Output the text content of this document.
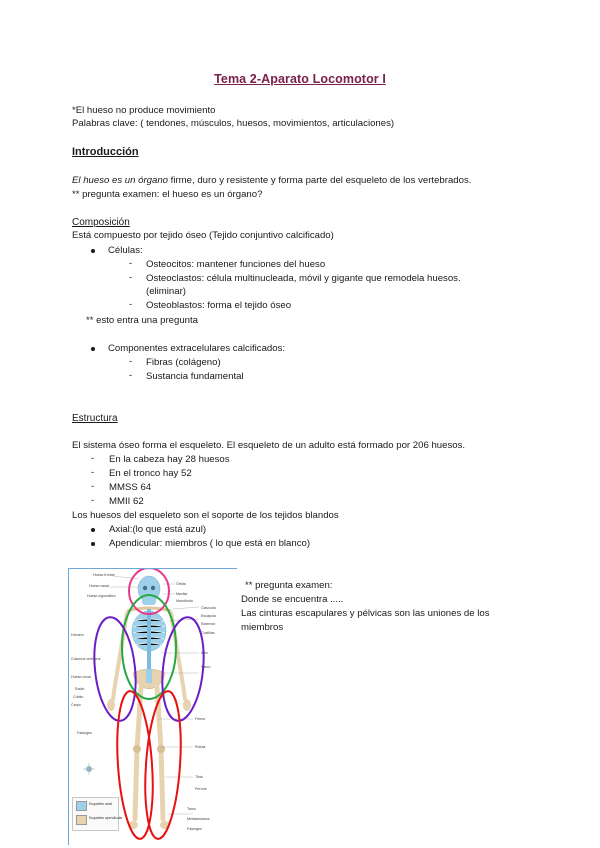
Tema 2-Aparato Locomotor I
*El hueso no produce movimiento
Palabras clave: ( tendones, músculos, huesos, movimientos, articulaciones)
Introducción
El hueso es un órgano firme, duro y resistente y forma parte del esqueleto de los vertebrados.
** pregunta examen: el hueso es un órgano?
Composición
Está compuesto por tejido óseo (Tejido conjuntivo calcificado)
Células:
- Osteocitos: mantener funciones del hueso
- Osteoclastos: célula multinucleada, móvil y gigante que remodela huesos.
(eliminar)
- Osteoblastos: forma el tejido óseo
** esto entra una pregunta
Componentes extracelulares calcificados:
- Fibras (colágeno)
- Sustancia fundamental
Estructura
El sistema óseo forma el esqueleto. El esqueleto de un adulto está formado por 206 huesos.
- En la cabeza hay 28 huesos
- En el tronco hay 52
- MMSS 64
- MMII 62
Los huesos del esqueleto son el soporte de los tejidos blandos
Axial:(lo que está azul)
Apendicular: miembros ( lo que está en blanco)
** pregunta examen:
Donde se encuentra .....
Las cinturas escapulares y pélvicas son las uniones de los
miembros
Hueso frontal
Hueso nasal
Hueso cigomático
Húmero
Columna vertebral
Hueso coxal
Radio
Cúbito
Carpo
Falanges
Órbita
Maxilar
Mandíbula
Clavícula
Escápula
Esternón
Costillas
Ilion
Sacro
Fémur
Rótula
Tibia
Peroné
Tarso
Metatarsianos
Falanges
Esqueleto axial
Esqueleto apendicular
